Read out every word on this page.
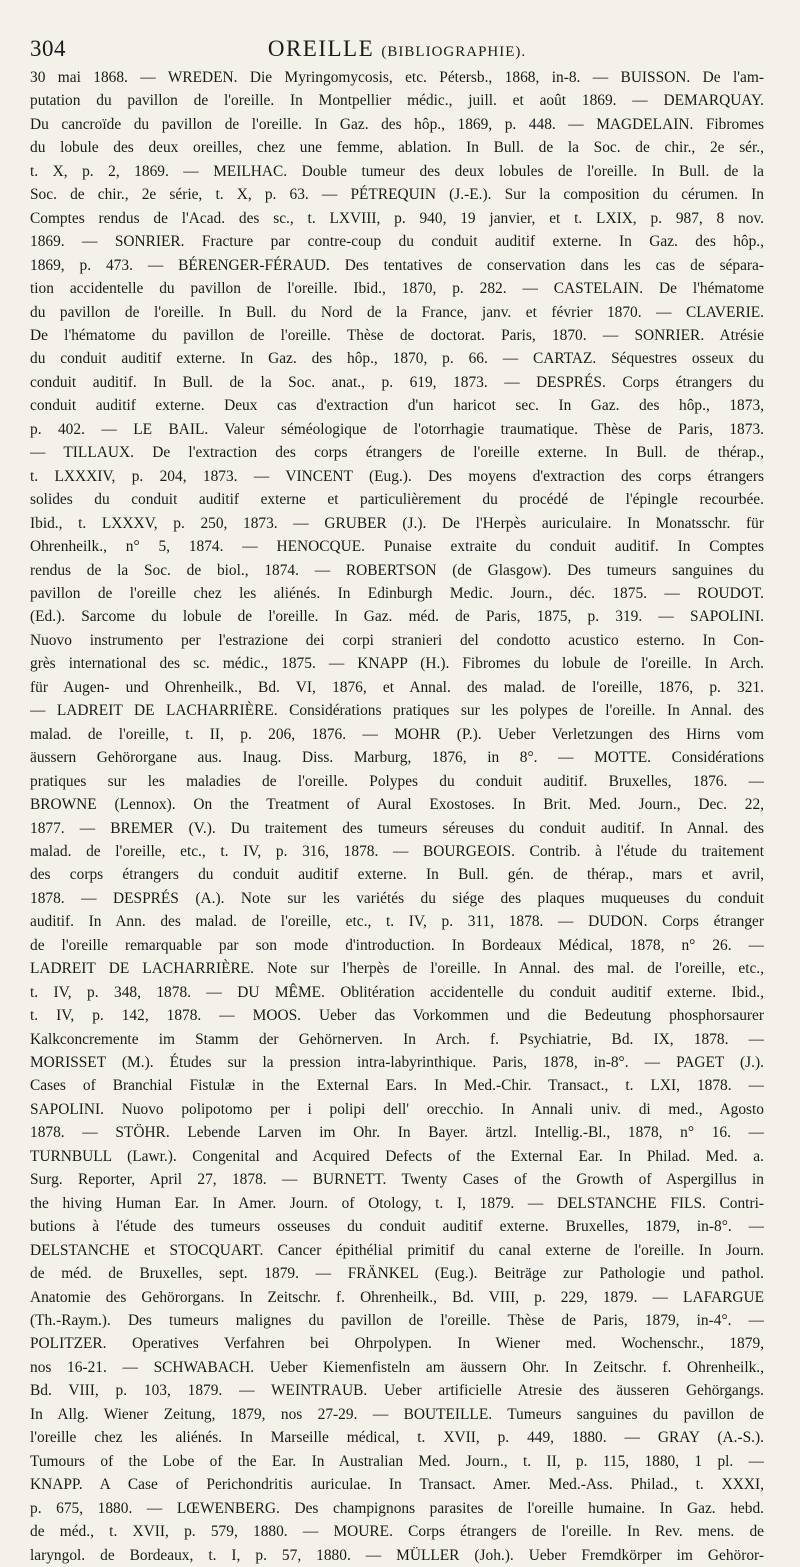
304	OREILLE (BIBLIOGRAPHIE).
30 mai 1868. — WREDEN. Die Myringomycosis, etc. Pétersb., 1868, in-8. — BUISSON. De l'am-
putation du pavillon de l'oreille. In Montpellier médic., juill. et août 1869. — DEMARQUAY.
Du cancroïde du pavillon de l'oreille. In Gaz. des hôp., 1869, p. 448. — MAGDELAIN. Fibromes
du lobule des deux oreilles, chez une femme, ablation. In Bull. de la Soc. de chir., 2e sér.,
t. X, p. 2, 1869. — MEILHAC. Double tumeur des deux lobules de l'oreille. In Bull. de la
Soc. de chir., 2e série, t. X, p. 63. — PÉTREQUIN (J.-E.). Sur la composition du cérumen. In
Comptes rendus de l'Acad. des sc., t. LXVIII, p. 940, 19 janvier, et t. LXIX, p. 987, 8 nov.
1869. — SONRIER. Fracture par contre-coup du conduit auditif externe. In Gaz. des hôp.,
1869, p. 473. — BÉRENGER-FÉRAUD. Des tentatives de conservation dans les cas de sépara-
tion accidentelle du pavillon de l'oreille. Ibid., 1870, p. 282. — CASTELAIN. De l'hématome
du pavillon de l'oreille. In Bull. du Nord de la France, janv. et février 1870. — CLAVERIE.
De l'hématome du pavillon de l'oreille. Thèse de doctorat. Paris, 1870. — SONRIER. Atrésie
du conduit auditif externe. In Gaz. des hôp., 1870, p. 66. — CARTAZ. Séquestres osseux du
conduit auditif. In Bull. de la Soc. anat., p. 619, 1873. — DESPRÉS. Corps étrangers du
conduit auditif externe. Deux cas d'extraction d'un haricot sec. In Gaz. des hôp., 1873,
p. 402. — LE BAIL. Valeur séméologique de l'otorrhagie traumatique. Thèse de Paris, 1873.
— TILLAUX. De l'extraction des corps étrangers de l'oreille externe. In Bull. de thérap.,
t. LXXXIV, p. 204, 1873. — VINCENT (Eug.). Des moyens d'extraction des corps étrangers
solides du conduit auditif externe et particulièrement du procédé de l'épingle recourbée.
Ibid., t. LXXXV, p. 250, 1873. — GRUBER (J.). De l'Herpès auriculaire. In Monatsschr. für
Ohrenheilk., n° 5, 1874. — HENOCQUE. Punaise extraite du conduit auditif. In Comptes
rendus de la Soc. de biol., 1874. — ROBERTSON (de Glasgow). Des tumeurs sanguines du
pavillon de l'oreille chez les aliénés. In Edinburgh Medic. Journ., déc. 1875. — ROUDOT.
(Ed.). Sarcome du lobule de l'oreille. In Gaz. méd. de Paris, 1875, p. 319. — SAPOLINI.
Nuovo instrumento per l'estrazione dei corpi stranieri del condotto acustico esterno. In Con-
grès international des sc. médic., 1875. — KNAPP (H.). Fibromes du lobule de l'oreille. In Arch.
für Augen- und Ohrenheilk., Bd. VI, 1876, et Annal. des malad. de l'oreille, 1876, p. 321.
— LADREIT DE LACHARRIÈRE. Considérations pratiques sur les polypes de l'oreille. In Annal. des
malad. de l'oreille, t. II, p. 206, 1876. — MOHR (P.). Ueber Verletzungen des Hirns vom
äussern Gehörorgane aus. Inaug. Diss. Marburg, 1876, in 8°. — MOTTE. Considérations
pratiques sur les maladies de l'oreille. Polypes du conduit auditif. Bruxelles, 1876. —
BROWNE (Lennox). On the Treatment of Aural Exostoses. In Brit. Med. Journ., Dec. 22,
1877. — BREMER (V.). Du traitement des tumeurs séreuses du conduit auditif. In Annal. des
malad. de l'oreille, etc., t. IV, p. 316, 1878. — BOURGEOIS. Contrib. à l'étude du traitement
des corps étrangers du conduit auditif externe. In Bull. gén. de thérap., mars et avril,
1878. — DESPRÉS (A.). Note sur les variétés du siége des plaques muqueuses du conduit
auditif. In Ann. des malad. de l'oreille, etc., t. IV, p. 311, 1878. — DUDON. Corps étranger
de l'oreille remarquable par son mode d'introduction. In Bordeaux Médical, 1878, n° 26. —
LADREIT DE LACHARRIÈRE. Note sur l'herpès de l'oreille. In Annal. des mal. de l'oreille, etc.,
t. IV, p. 348, 1878. — DU MÊME. Oblitération accidentelle du conduit auditif externe. Ibid.,
t. IV, p. 142, 1878. — MOOS. Ueber das Vorkommen und die Bedeutung phosphorsaurer
Kalkconcremente im Stamm der Gehörnerven. In Arch. f. Psychiatrie, Bd. IX, 1878. —
MORISSET (M.). Études sur la pression intra-labyrinthique. Paris, 1878, in-8°. — PAGET (J.).
Cases of Branchial Fistulæ in the External Ears. In Med.-Chir. Transact., t. LXI, 1878. —
SAPOLINI. Nuovo polipotomo per i polipi dell' orecchio. In Annali univ. di med., Agosto
1878. — STÖHR. Lebende Larven im Ohr. In Bayer. ärtzl. Intellig.-Bl., 1878, n° 16. —
TURNBULL (Lawr.). Congenital and Acquired Defects of the External Ear. In Philad. Med. a.
Surg. Reporter, April 27, 1878. — BURNETT. Twenty Cases of the Growth of Aspergillus in
the hiving Human Ear. In Amer. Journ. of Otology, t. I, 1879. — DELSTANCHE FILS. Contri-
butions à l'étude des tumeurs osseuses du conduit auditif externe. Bruxelles, 1879, in-8°. —
DELSTANCHE et STOCQUART. Cancer épithélial primitif du canal externe de l'oreille. In Journ.
de méd. de Bruxelles, sept. 1879. — FRÄNKEL (Eug.). Beiträge zur Pathologie und pathol.
Anatomie des Gehörorgans. In Zeitschr. f. Ohrenheilk., Bd. VIII, p. 229, 1879. — LAFARGUE
(Th.-Raym.). Des tumeurs malignes du pavillon de l'oreille. Thèse de Paris, 1879, in-4°. —
POLITZER. Operatives Verfahren bei Ohrpolypen. In Wiener med. Wochenschr., 1879,
nos 16-21. — SCHWABACH. Ueber Kiemenfisteln am äussern Ohr. In Zeitschr. f. Ohrenheilk.,
Bd. VIII, p. 103, 1879. — WEINTRAUB. Ueber artificielle Atresie des äusseren Gehörgangs.
In Allg. Wiener Zeitung, 1879, nos 27-29. — BOUTEILLE. Tumeurs sanguines du pavillon de
l'oreille chez les aliénés. In Marseille médical, t. XVII, p. 449, 1880. — GRAY (A.-S.).
Tumours of the Lobe of the Ear. In Australian Med. Journ., t. II, p. 115, 1880, 1 pl. —
KNAPP. A Case of Perichondritis auriculae. In Transact. Amer. Med.-Ass. Philad., t. XXXI,
p. 675, 1880. — LŒWENBERG. Des champignons parasites de l'oreille humaine. In Gaz. hebd.
de méd., t. XVII, p. 579, 1880. — MOURE. Corps étrangers de l'oreille. In Rev. mens. de
laryngol. de Bordeaux, t. I, p. 57, 1880. — MÜLLER (Joh.). Ueber Fremdkörper im Gehöror-
